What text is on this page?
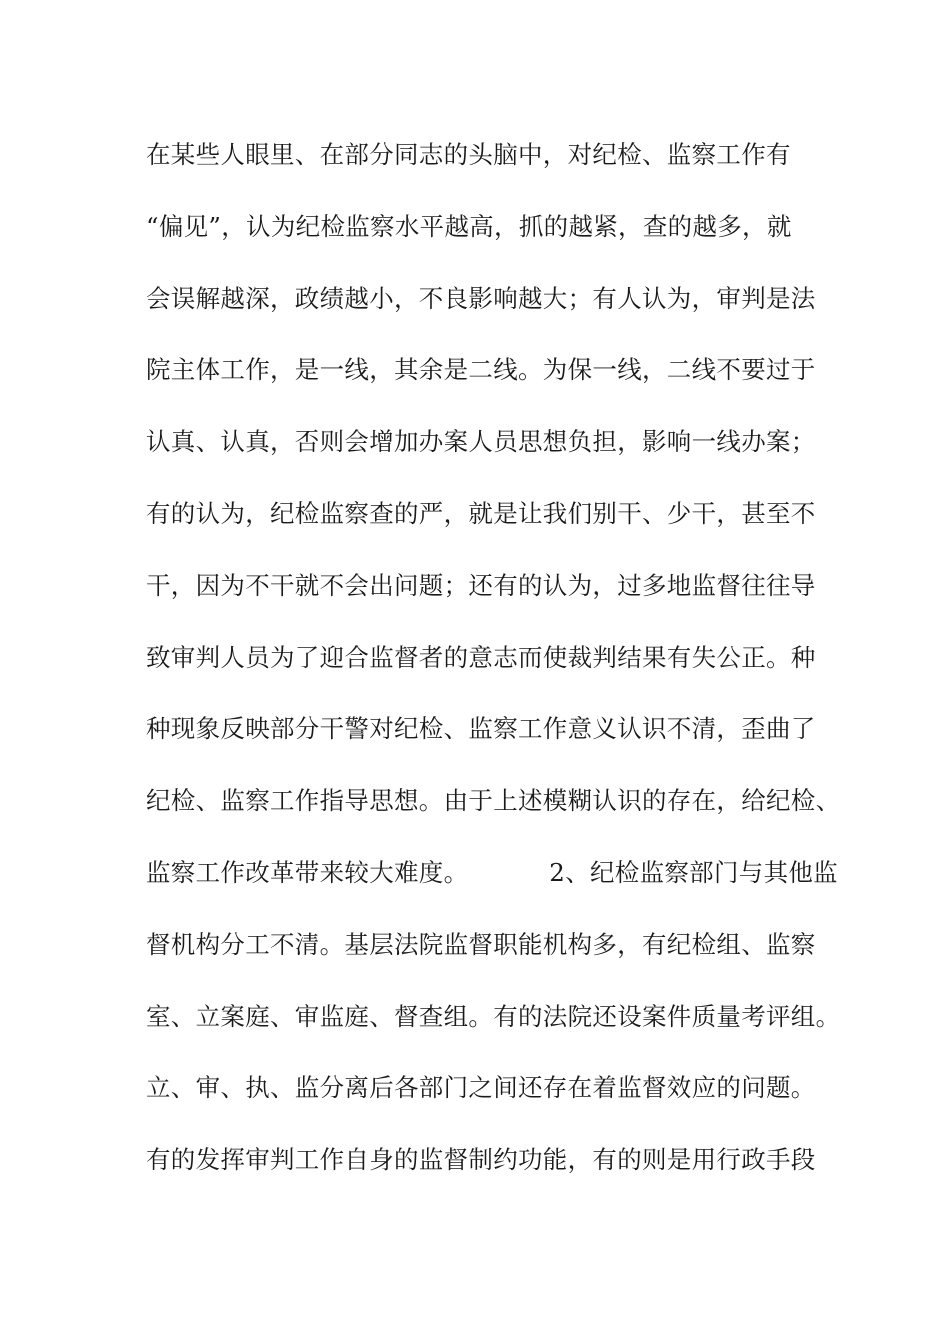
在某些人眼里、在部分同志的头脑中，对纪检、监察工作有
“偏见”，认为纪检监察水平越高，抓的越紧，查的越多，就
会误解越深，政绩越小，不良影响越大；有人认为，审判是法
院主体工作，是一线，其余是二线。为保一线，二线不要过于
认真、认真，否则会增加办案人员思想负担，影响一线办案；
有的认为，纪检监察查的严，就是让我们别干、少干，甚至不
干，因为不干就不会出问题；还有的认为，过多地监督往往导
致审判人员为了迎合监督者的意志而使裁判结果有失公正。种
种现象反映部分干警对纪检、监察工作意义认识不清，歪曲了
纪检、监察工作指导思想。由于上述模糊认识的存在，给纪检、
监察工作改革带来较大难度。          2、纪检监察部门与其他监
督机构分工不清。基层法院监督职能机构多，有纪检组、监察
室、立案庭、审监庭、督查组。有的法院还设案件质量考评组。
立、审、执、监分离后各部门之间还存在着监督效应的问题。
有的发挥审判工作自身的监督制约功能，有的则是用行政手段
